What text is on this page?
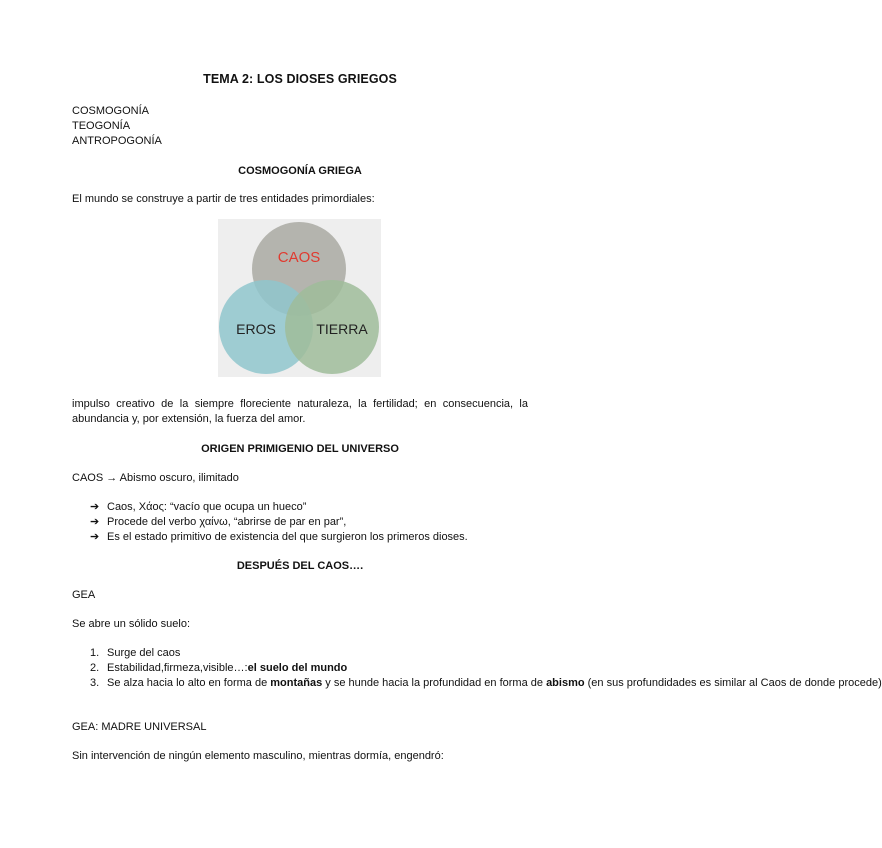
TEMA 2: LOS DIOSES GRIEGOS
COSMOGONÍA
TEOGONÍA
ANTROPOGONÍA
COSMOGONÍA GRIEGA
El mundo se construye a partir de tres entidades primordiales:
CAOS
EROS	TIERRA
impulso creativo de la siempre floreciente naturaleza, la fertilidad; en consecuencia, la abundancia y, por extensión, la fuerza del amor.
ORIGEN PRIMIGENIO DEL UNIVERSO
CAOS → Abismo oscuro, ilimitado
➔ Caos, Χάος: “vacío que ocupa un hueco”
➔ Procede del verbo χαίνω, “abrirse de par en par”,
➔ Es el estado primitivo de existencia del que surgieron los primeros dioses.
DESPUÉS DEL CAOS….
GEA
Se abre un sólido suelo:
1. Surge del caos
2. Estabilidad,firmeza,visible…:el suelo del mundo
3. Se alza hacia lo alto en forma de montañas y se hunde hacia la profundidad en forma de abismo (en sus profundidades es similar al Caos de donde procede)
GEA: MADRE UNIVERSAL
Sin intervención de ningún elemento masculino, mientras dormía, engendró:
